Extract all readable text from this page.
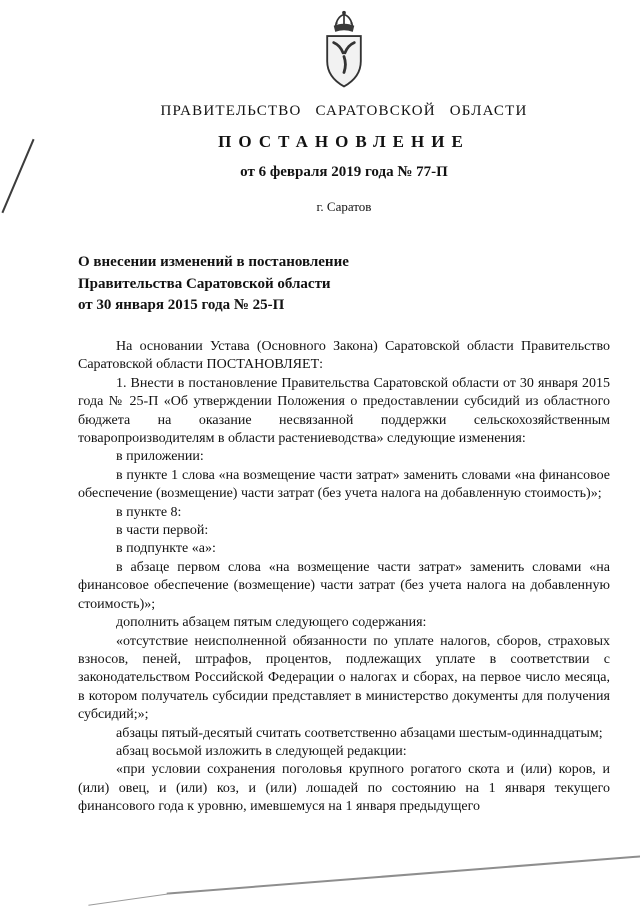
ПРАВИТЕЛЬСТВО САРАТОВСКОЙ ОБЛАСТИ
ПОСТАНОВЛЕНИЕ
от 6 февраля 2019 года № 77-П
г. Саратов
О внесении изменений в постановление
Правительства Саратовской области
от 30 января 2015 года № 25-П

На основании Устава (Основного Закона) Саратовской области Правительство Саратовской области ПОСТАНОВЛЯЕТ:

1. Внести в постановление Правительства Саратовской области от 30 января 2015 года № 25-П «Об утверждении Положения о предоставлении субсидий из областного бюджета на оказание несвязанной поддержки сельскохозяйственным товаропроизводителям в области растениеводства» следующие изменения:

в приложении:

в пункте 1 слова «на возмещение части затрат» заменить словами «на финансовое обеспечение (возмещение) части затрат (без учета налога на добавленную стоимость)»;

в пункте 8:

в части первой:

в подпункте «а»:

в абзаце первом слова «на возмещение части затрат» заменить словами «на финансовое обеспечение (возмещение) части затрат (без учета налога на добавленную стоимость)»;

дополнить абзацем пятым следующего содержания:

«отсутствие неисполненной обязанности по уплате налогов, сборов, страховых взносов, пеней, штрафов, процентов, подлежащих уплате в соответствии с законодательством Российской Федерации о налогах и сборах, на первое число месяца, в котором получатель субсидии представляет в министерство документы для получения субсидий;»;

абзацы пятый-десятый считать соответственно абзацами шестым-одиннадцатым;

абзац восьмой изложить в следующей редакции:

«при условии сохранения поголовья крупного рогатого скота и (или) коров, и (или) овец, и (или) коз, и (или) лошадей по состоянию на 1 января текущего финансового года к уровню, имевшемуся на 1 января предыдущего
